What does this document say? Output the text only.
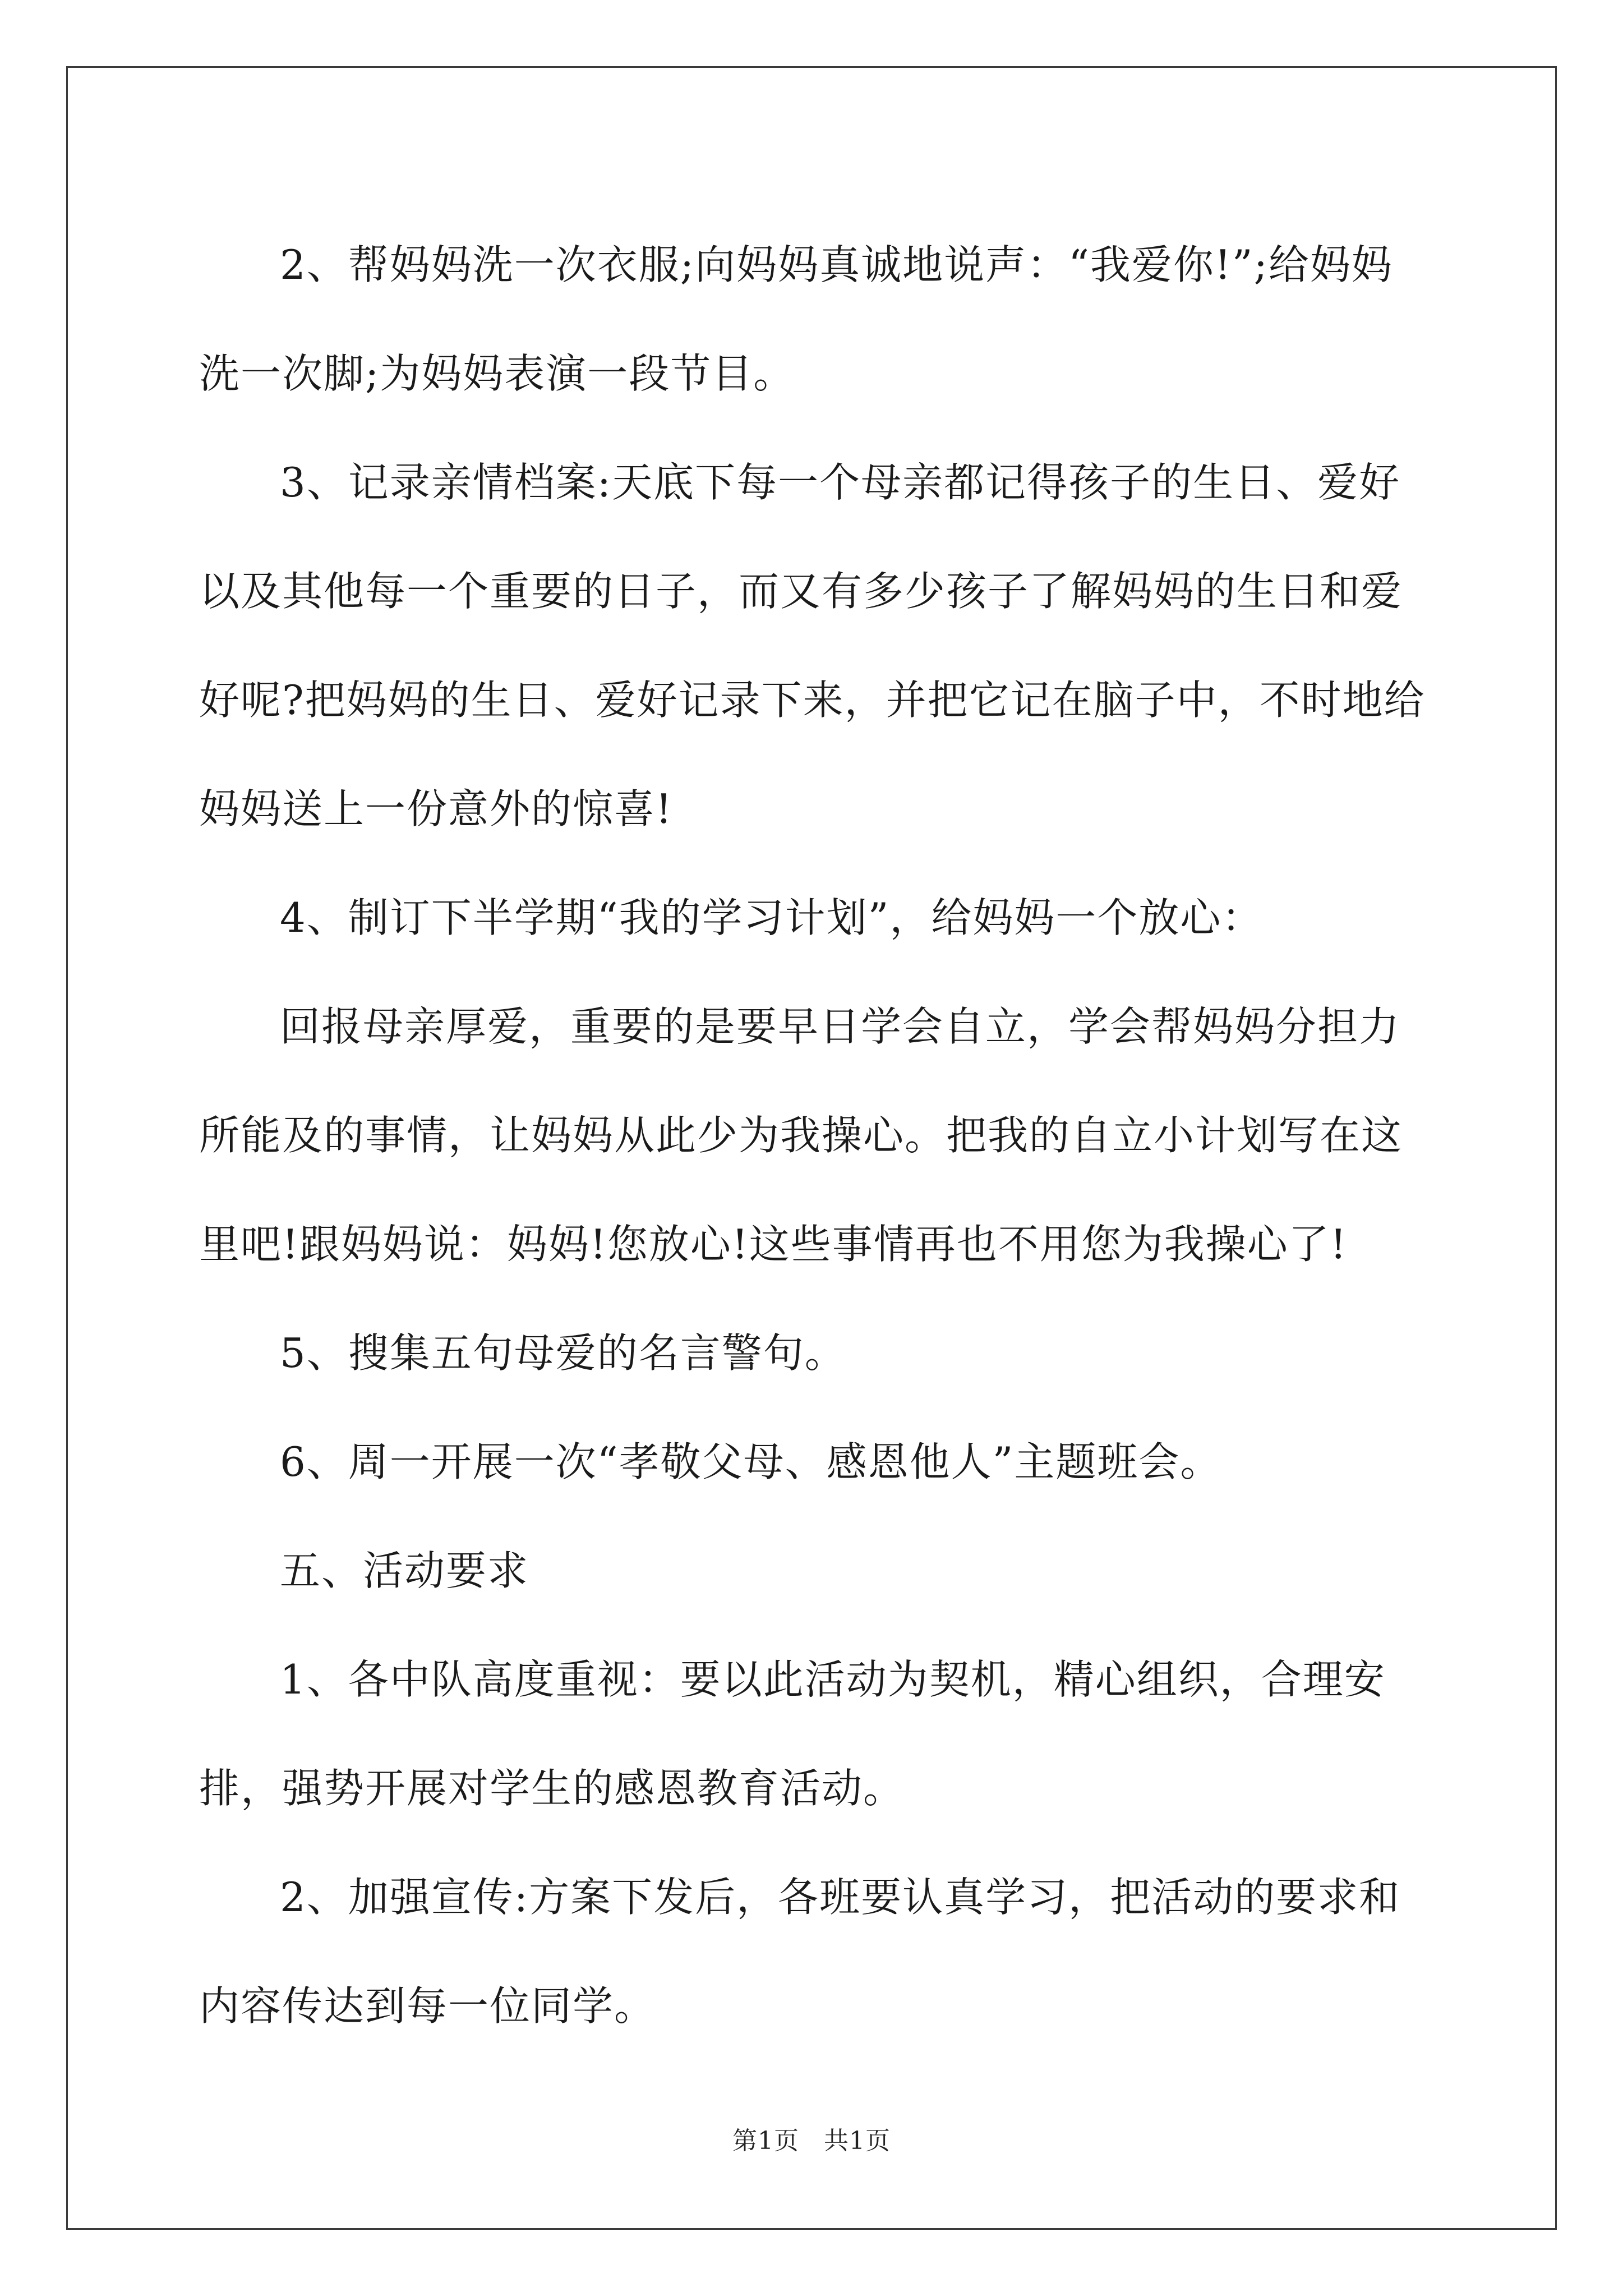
2、帮妈妈洗一次衣服;向妈妈真诚地说声：“我爱你!”;给妈妈洗一次脚;为妈妈表演一段节目。

3、记录亲情档案:天底下每一个母亲都记得孩子的生日、爱好以及其他每一个重要的日子，而又有多少孩子了解妈妈的生日和爱好呢?把妈妈的生日、爱好记录下来，并把它记在脑子中，不时地给妈妈送上一份意外的惊喜!

4、制订下半学期“我的学习计划”，给妈妈一个放心：

回报母亲厚爱，重要的是要早日学会自立，学会帮妈妈分担力所能及的事情，让妈妈从此少为我操心。把我的自立小计划写在这里吧!跟妈妈说：妈妈!您放心!这些事情再也不用您为我操心了!

5、搜集五句母爱的名言警句。

6、周一开展一次“孝敬父母、感恩他人”主题班会。

五、活动要求

1、各中队高度重视：要以此活动为契机，精心组织，合理安排，强势开展对学生的感恩教育活动。

2、加强宣传:方案下发后，各班要认真学习，把活动的要求和内容传达到每一位同学。

第1页 共1页
